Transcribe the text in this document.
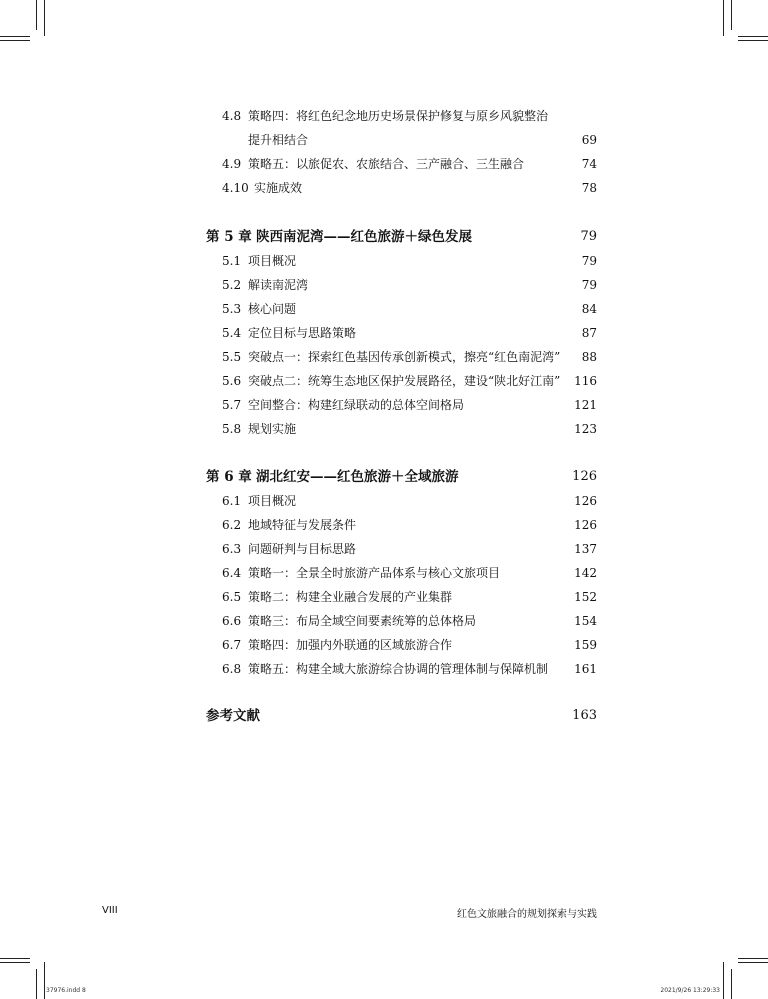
4.8 策略四：将红色纪念地历史场景保护修复与原乡风貌整治
提升相结合	69
4.9 策略五：以旅促农、农旅结合、三产融合、三生融合	74
4.10 实施成效	78
第 5 章 陕西南泥湾——红色旅游＋绿色发展	79
5.1 项目概况	79
5.2 解读南泥湾	79
5.3 核心问题	84
5.4 定位目标与思路策略	87
5.5 突破点一：探索红色基因传承创新模式，擦亮“红色南泥湾” 88
5.6 突破点二：统筹生态地区保护发展路径，建设“陕北好江南” 116
5.7 空间整合：构建红绿联动的总体空间格局	121
5.8 规划实施	123
第 6 章 湖北红安——红色旅游＋全域旅游	126
6.1 项目概况	126
6.2 地域特征与发展条件	126
6.3 问题研判与目标思路	137
6.4 策略一：全景全时旅游产品体系与核心文旅项目	142
6.5 策略二：构建全业融合发展的产业集群	152
6.6 策略三：布局全域空间要素统筹的总体格局	154
6.7 策略四：加强内外联通的区域旅游合作	159
6.8 策略五：构建全域大旅游综合协调的管理体制与保障机制 161
参考文献	163
VIII	红色文旅融合的规划探索与实践
37976.indd 8	2021/9/26 13:29:33
